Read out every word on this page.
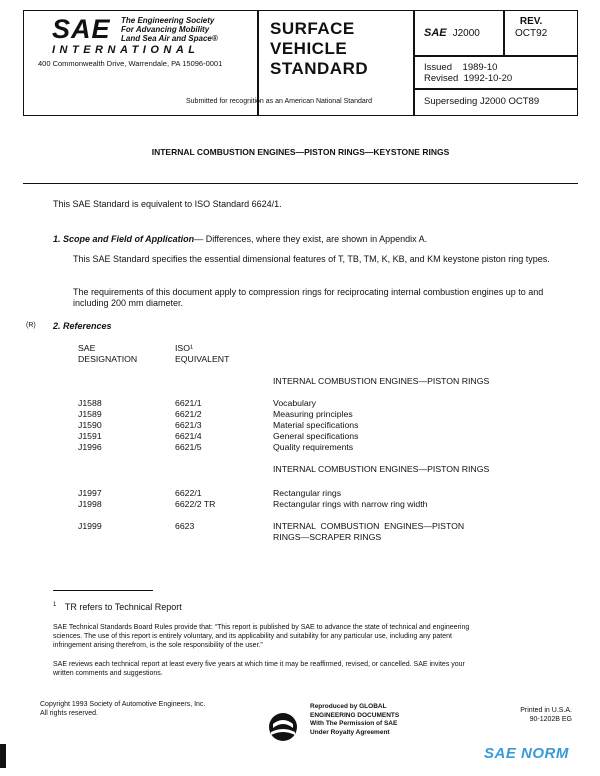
SAE The Engineering Society
For Advancing Mobility
Land Sea Air and Space®
INTERNATIONAL
400 Commonwealth Drive, Warrendale, PA 15096-0001
Submitted for recognition as an American National Standard
SURFACE
VEHICLE
STANDARD
SAE J2000
REV.
OCT92
Issued    1989-10
Revised  1992-10-20
Superseding J2000 OCT89
INTERNAL COMBUSTION ENGINES—PISTON RINGS—KEYSTONE RINGS
This SAE Standard is equivalent to ISO Standard 6624/1.
1. Scope and Field of Application— Differences, where they exist, are shown in Appendix A.
This SAE Standard specifies the essential dimensional features of T, TB, TM, K, KB, and KM keystone piston ring types.
The requirements of this document apply to compression rings for reciprocating internal combustion engines up to and including 200 mm diameter.
(R) 2. References
SAE
DESIGNATION
ISO¹
EQUIVALENT
INTERNAL COMBUSTION ENGINES—PISTON RINGS
J1588
J1589
J1590
J1591
J1996
6621/1
6621/2
6621/3
6621/4
6621/5
Vocabulary
Measuring principles
Material specifications
General specifications
Quality requirements
INTERNAL COMBUSTION ENGINES—PISTON RINGS
J1997
J1998
6622/1
6622/2 TR
Rectangular rings
Rectangular rings with narrow ring width
J1999	6623	INTERNAL  COMBUSTION  ENGINES—PISTON
RINGS—SCRAPER RINGS
$^1$ TR refers to Technical Report
SAE Technical Standards Board Rules provide that: “This report is published by SAE to advance the state of technical and engineering
sciences. The use of this report is entirely voluntary, and its applicability and suitability for any particular use, including any patent
infringement arising therefrom, is the sole responsibility of the user.”
SAE reviews each technical report at least every five years at which time it may be reaffirmed, revised, or cancelled. SAE invites your
written comments and suggestions.
Copyright 1993 Society of Automotive Engineers, Inc.
All rights reserved.
Reproduced by GLOBAL
ENGINEERING DOCUMENTS
With The Permission of SAE
Under Royalty Agreement
Printed in U.S.A.
90-1202B EG
SAE NORM
